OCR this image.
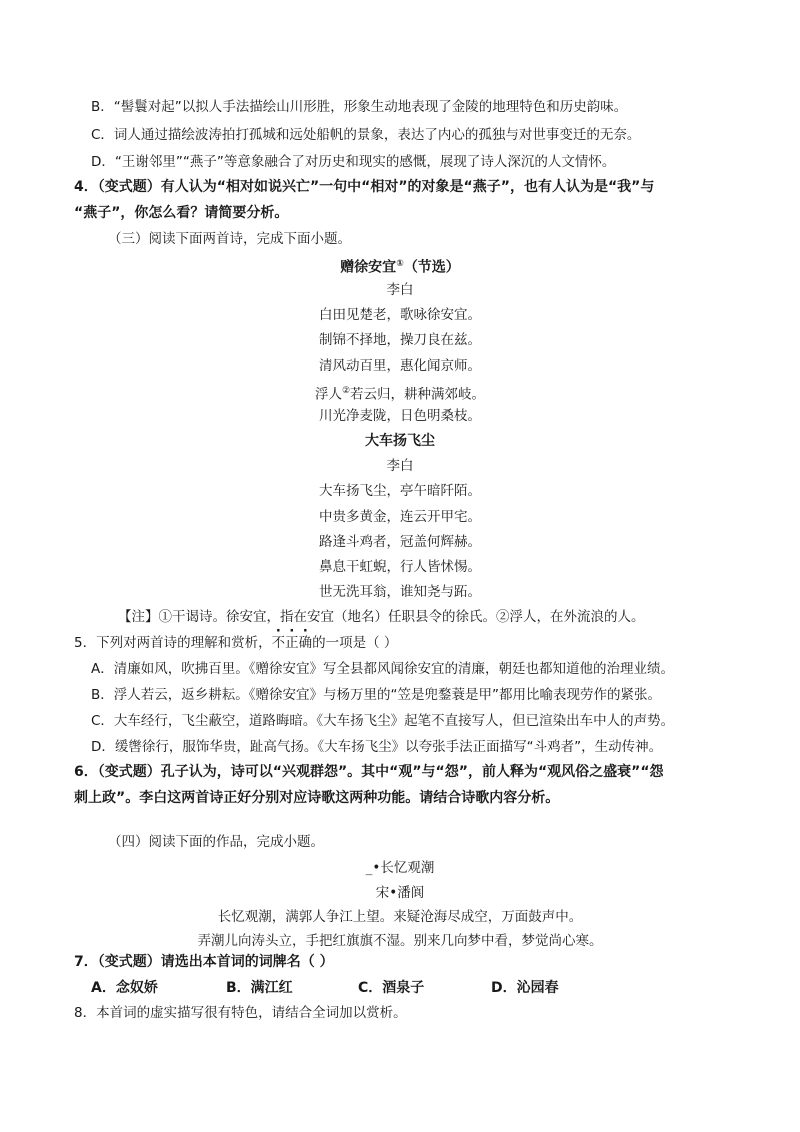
B．“髻鬟对起”以拟人手法描绘山川形胜，形象生动地表现了金陵的地理特色和历史韵味。
C．词人通过描绘波涛拍打孤城和远处船帆的景象，表达了内心的孤独与对世事变迁的无奈。
D．“王谢邻里”“燕子”等意象融合了对历史和现实的感慨，展现了诗人深沉的人文情怀。
4．（变式题）有人认为“相对如说兴亡”一句中“相对”的对象是“燕子”，也有人认为是“我”与
“燕子”，你怎么看？请简要分析。
（三）阅读下面两首诗，完成下面小题。
赠徐安宜①（节选）
李白
白田见楚老，歌咏徐安宜。
制锦不择地，操刀良在兹。
清风动百里，惠化闻京师。
浮人②若云归，耕种满郊岐。
川光净麦陇，日色明桑枝。
大车扬飞尘
李白
大车扬飞尘，亭午暗阡陌。
中贵多黄金，连云开甲宅。
路逢斗鸡者，冠盖何辉赫。
鼻息干虹蜺，行人皆怵惕。
世无洗耳翁，谁知尧与跖。
【注】①干谒诗。徐安宜，指在安宜（地名）任职县令的徐氏。②浮人，在外流浪的人。
5．下列对两首诗的理解和赏析，不正确的一项是（ ）
A．清廉如风，吹拂百里。《赠徐安宜》写全县都风闻徐安宜的清廉，朝廷也都知道他的治理业绩。
B．浮人若云，返乡耕耘。《赠徐安宜》与杨万里的“笠是兜鍪蓑是甲”都用比喻表现劳作的紧张。
C．大车经行，飞尘蔽空，道路晦暗。《大车扬飞尘》起笔不直接写人，但已渲染出车中人的声势。
D．缓辔徐行，服饰华贵，趾高气扬。《大车扬飞尘》以夸张手法正面描写“斗鸡者”，生动传神。
6．（变式题）孔子认为，诗可以“兴观群怨”。其中“观”与“怨”，前人释为“观风俗之盛衰”“怨
刺上政”。李白这两首诗正好分别对应诗歌这两种功能。请结合诗歌内容分析。
（四）阅读下面的作品，完成小题。
_•长忆观潮
宋•潘阆
长忆观潮，满郭人争江上望。来疑沧海尽成空，万面鼓声中。
弄潮儿向涛头立，手把红旗旗不湿。别来几向梦中看，梦觉尚心寒。
7．（变式题）请选出本首词的词牌名（ ）
A．念奴娇	B．满江红	C．酒泉子	D．沁园春
8．本首词的虚实描写很有特色，请结合全词加以赏析。
